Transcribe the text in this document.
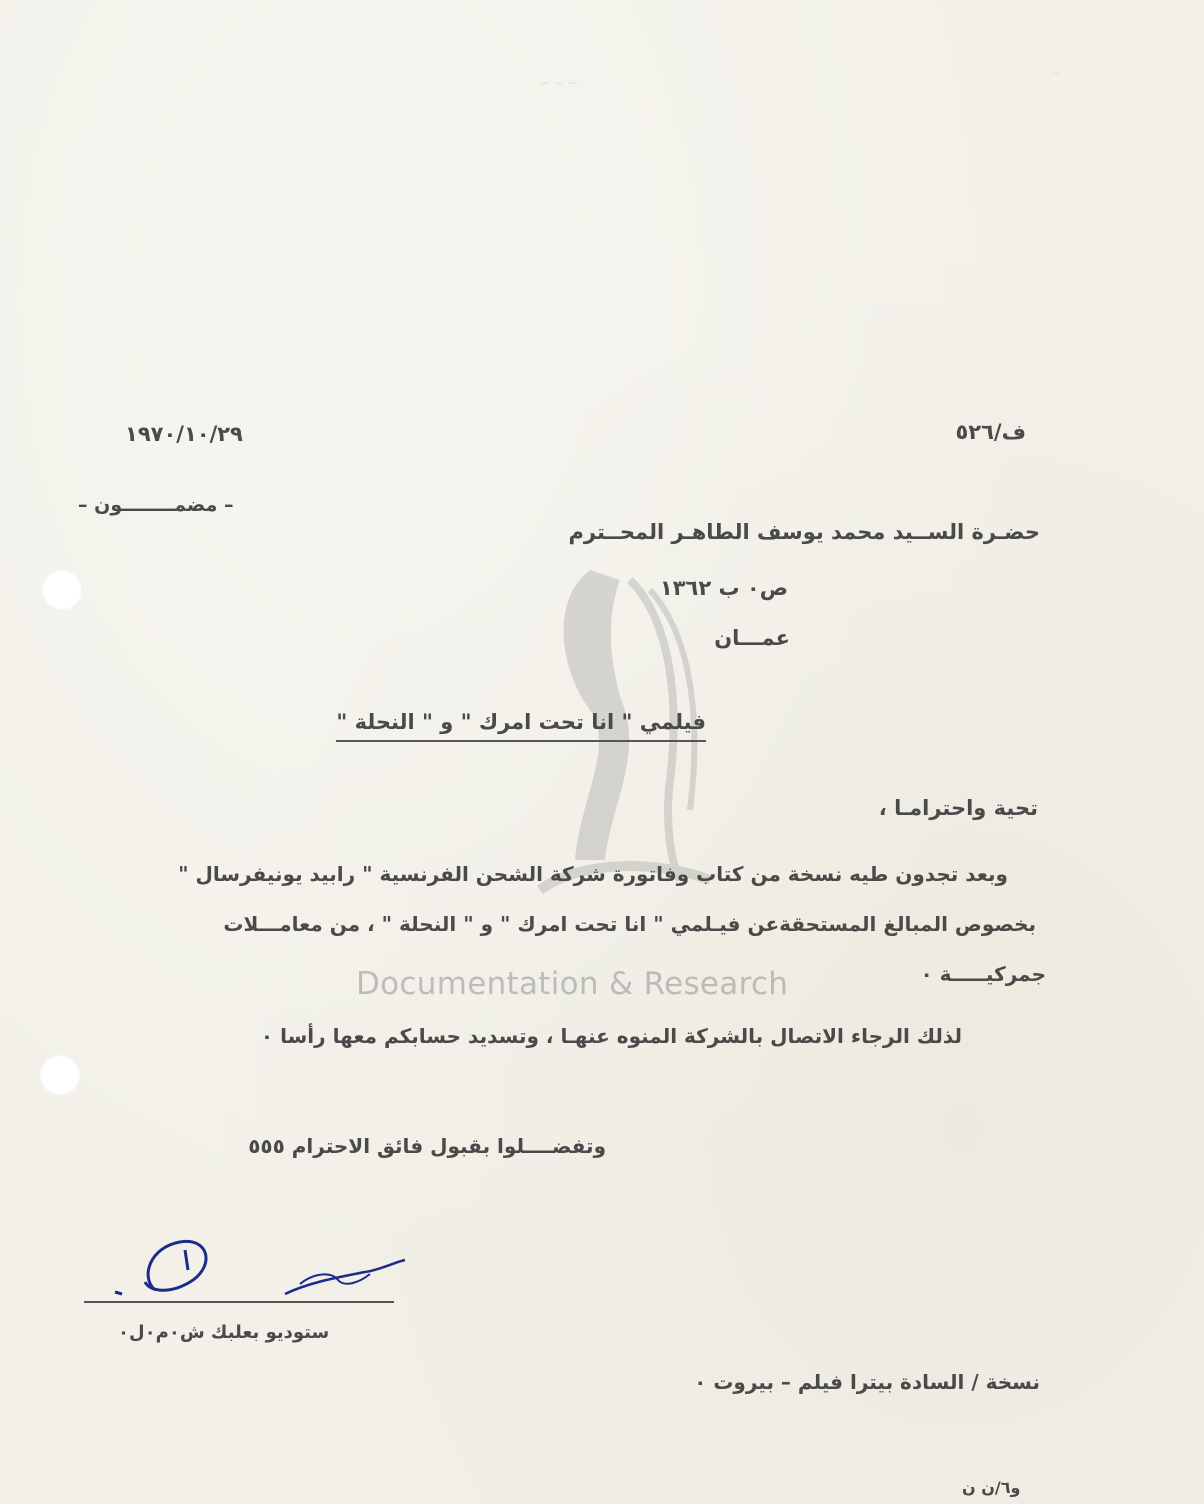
∽ ∽ ∽	⌒
Documentation & Research
١٩٧٠/١٠/٢٩	ف/٥٢٦
– مضمــــــــون –
حضـرة الســيد محمد يوسف الطاهـر المحــترم
ص٠ ب ١٣٦٢
عمـــان
فيلمي " انا تحت امرك " و " النحلة "
تحية واحترامـا ،
وبعد تجدون طيه نسخة من كتاب وفاتورة شركة الشحن الفرنسية " رابيد يونيفرسال "
بخصوص المبالغ المستحقةعن فيـلمي " انا تحت امرك " و " النحلة " ، من معامـــلات
جمركيـــــة ٠
لذلك الرجاء الاتصال بالشركة المنوه عنهـا ، وتسديد حسابكم معها رأسا ٠
وتفضــــلوا بقبول فائق الاحترام ٥٥٥
ستوديو بعلبك ش٠م٠ل٠
نسخة / السادة بيترا فيلم – بيروت ٠
و٦/ن ن
